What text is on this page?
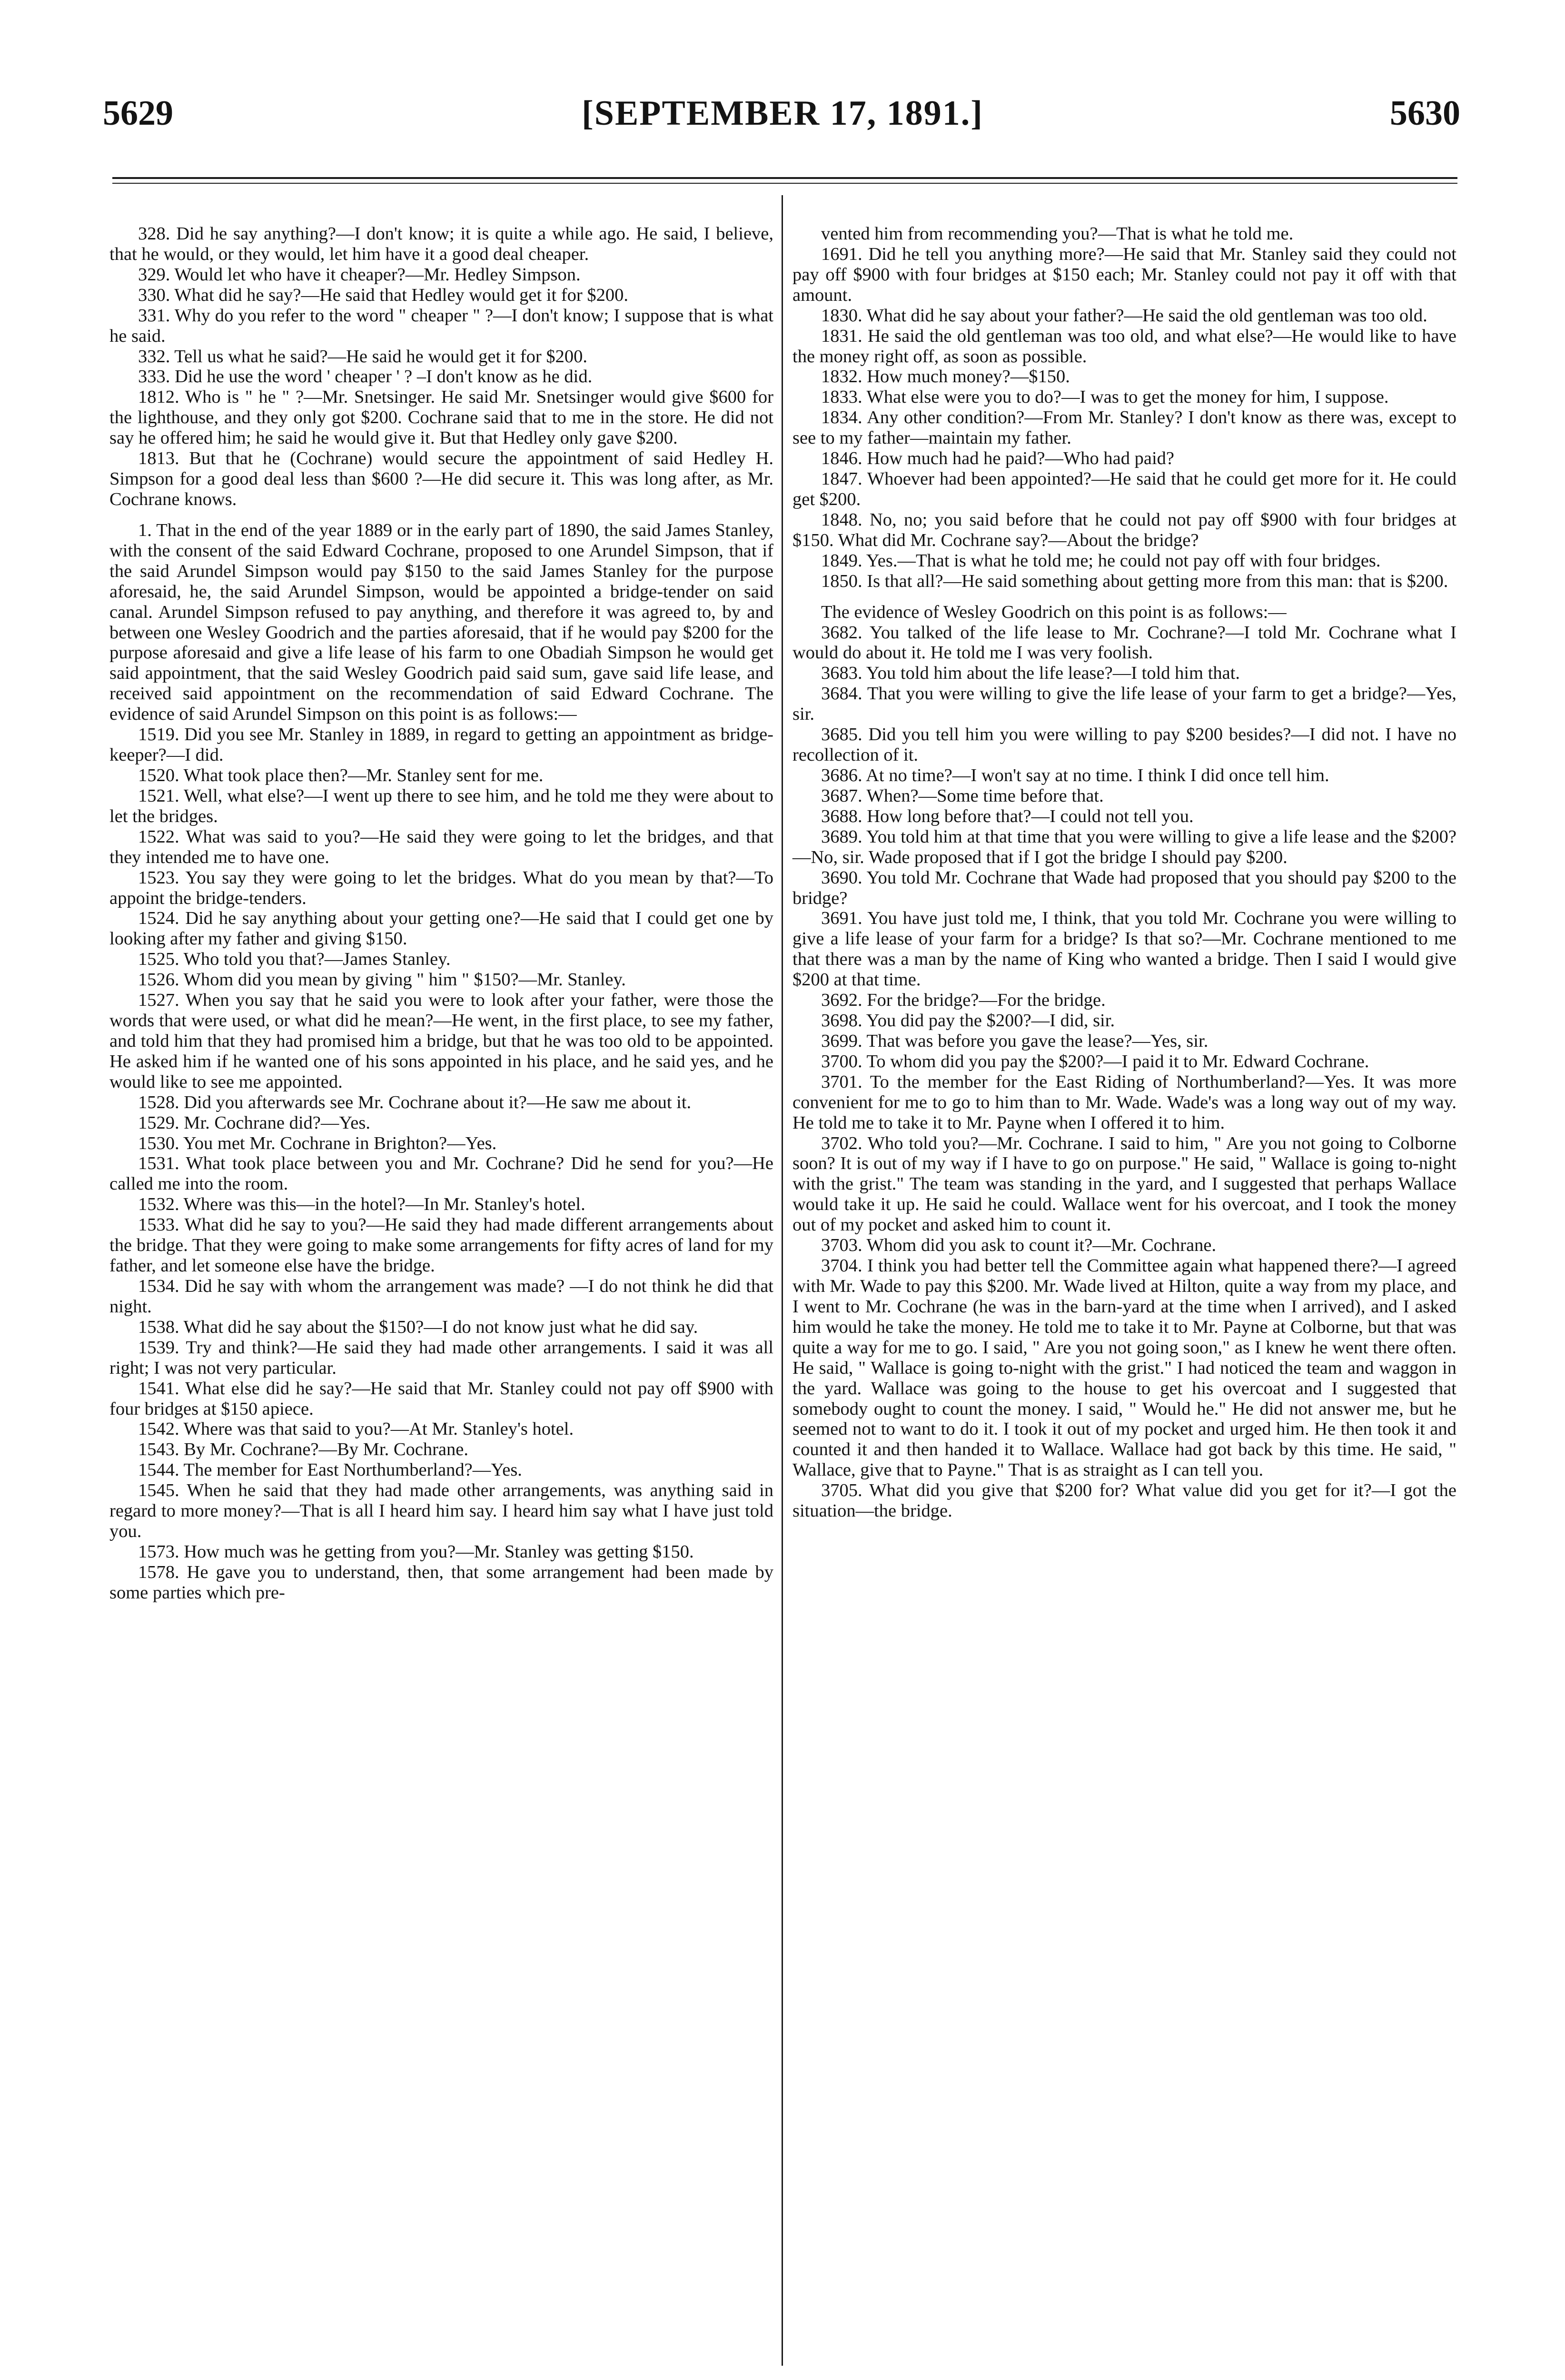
5629	[SEPTEMBER 17, 1891.]	5630

328. Did he say anything?—I don't know; it is quite a while ago. He said, I believe, that he would, or they would, let him have it a good deal cheaper.

329. Would let who have it cheaper?—Mr. Hedley Simpson.

330. What did he say?—He said that Hedley would get it for $200.

331. Why do you refer to the word " cheaper " ?—I don't know; I suppose that is what he said.

332. Tell us what he said?—He said he would get it for $200.

333. Did he use the word ' cheaper ' ? –I don't know as he did.

1812. Who is " he " ?—Mr. Snetsinger. He said Mr. Snetsinger would give $600 for the lighthouse, and they only got $200. Cochrane said that to me in the store. He did not say he offered him; he said he would give it. But that Hedley only gave $200.

1813. But that he (Cochrane) would secure the appointment of said Hedley H. Simpson for a good deal less than $600 ?—He did secure it. This was long after, as Mr. Cochrane knows.

1. That in the end of the year 1889 or in the early part of 1890, the said James Stanley, with the consent of the said Edward Cochrane, proposed to one Arundel Simpson, that if the said Arundel Simpson would pay $150 to the said James Stanley for the purpose aforesaid, he, the said Arundel Simpson, would be appointed a bridge-tender on said canal. Arundel Simpson refused to pay anything, and therefore it was agreed to, by and between one Wesley Goodrich and the parties aforesaid, that if he would pay $200 for the purpose aforesaid and give a life lease of his farm to one Obadiah Simpson he would get said appointment, that the said Wesley Goodrich paid said sum, gave said life lease, and received said appointment on the recommendation of said Edward Cochrane. The evidence of said Arundel Simpson on this point is as follows:—

1519. Did you see Mr. Stanley in 1889, in regard to getting an appointment as bridge-keeper?—I did.

1520. What took place then?—Mr. Stanley sent for me.

1521. Well, what else?—I went up there to see him, and he told me they were about to let the bridges.

1522. What was said to you?—He said they were going to let the bridges, and that they intended me to have one.

1523. You say they were going to let the bridges. What do you mean by that?—To appoint the bridge-tenders.

1524. Did he say anything about your getting one?—He said that I could get one by looking after my father and giving $150.

1525. Who told you that?—James Stanley.

1526. Whom did you mean by giving " him " $150?—Mr. Stanley.

1527. When you say that he said you were to look after your father, were those the words that were used, or what did he mean?—He went, in the first place, to see my father, and told him that they had promised him a bridge, but that he was too old to be appointed. He asked him if he wanted one of his sons appointed in his place, and he said yes, and he would like to see me appointed.

1528. Did you afterwards see Mr. Cochrane about it?—He saw me about it.

1529. Mr. Cochrane did?—Yes.

1530. You met Mr. Cochrane in Brighton?—Yes.

1531. What took place between you and Mr. Cochrane? Did he send for you?—He called me into the room.

1532. Where was this—in the hotel?—In Mr. Stanley's hotel.

1533. What did he say to you?—He said they had made different arrangements about the bridge. That they were going to make some arrangements for fifty acres of land for my father, and let someone else have the bridge.

1534. Did he say with whom the arrangement was made? —I do not think he did that night.

1538. What did he say about the $150?—I do not know just what he did say.

1539. Try and think?—He said they had made other arrangements. I said it was all right; I was not very particular.

1541. What else did he say?—He said that Mr. Stanley could not pay off $900 with four bridges at $150 apiece.

1542. Where was that said to you?—At Mr. Stanley's hotel.

1543. By Mr. Cochrane?—By Mr. Cochrane.

1544. The member for East Northumberland?—Yes.

1545. When he said that they had made other arrangements, was anything said in regard to more money?—That is all I heard him say. I heard him say what I have just told you.

1573. How much was he getting from you?—Mr. Stanley was getting $150.

1578. He gave you to understand, then, that some arrangement had been made by some parties which pre-

vented him from recommending you?—That is what he told me.

1691. Did he tell you anything more?—He said that Mr. Stanley said they could not pay off $900 with four bridges at $150 each; Mr. Stanley could not pay it off with that amount.

1830. What did he say about your father?—He said the old gentleman was too old.

1831. He said the old gentleman was too old, and what else?—He would like to have the money right off, as soon as possible.

1832. How much money?—$150.

1833. What else were you to do?—I was to get the money for him, I suppose.

1834. Any other condition?—From Mr. Stanley? I don't know as there was, except to see to my father—maintain my father.

1846. How much had he paid?—Who had paid?

1847. Whoever had been appointed?—He said that he could get more for it. He could get $200.

1848. No, no; you said before that he could not pay off $900 with four bridges at $150. What did Mr. Cochrane say?—About the bridge?

1849. Yes.—That is what he told me; he could not pay off with four bridges.

1850. Is that all?—He said something about getting more from this man: that is $200.

The evidence of Wesley Goodrich on this point is as follows:—

3682. You talked of the life lease to Mr. Cochrane?—I told Mr. Cochrane what I would do about it. He told me I was very foolish.

3683. You told him about the life lease?—I told him that.

3684. That you were willing to give the life lease of your farm to get a bridge?—Yes, sir.

3685. Did you tell him you were willing to pay $200 besides?—I did not. I have no recollection of it.

3686. At no time?—I won't say at no time. I think I did once tell him.

3687. When?—Some time before that.

3688. How long before that?—I could not tell you.

3689. You told him at that time that you were willing to give a life lease and the $200?—No, sir. Wade proposed that if I got the bridge I should pay $200.

3690. You told Mr. Cochrane that Wade had proposed that you should pay $200 to the bridge?

3691. You have just told me, I think, that you told Mr. Cochrane you were willing to give a life lease of your farm for a bridge? Is that so?—Mr. Cochrane mentioned to me that there was a man by the name of King who wanted a bridge. Then I said I would give $200 at that time.

3692. For the bridge?—For the bridge.

3698. You did pay the $200?—I did, sir.

3699. That was before you gave the lease?—Yes, sir.

3700. To whom did you pay the $200?—I paid it to Mr. Edward Cochrane.

3701. To the member for the East Riding of Northumberland?—Yes. It was more convenient for me to go to him than to Mr. Wade. Wade's was a long way out of my way. He told me to take it to Mr. Payne when I offered it to him.

3702. Who told you?—Mr. Cochrane. I said to him, " Are you not going to Colborne soon? It is out of my way if I have to go on purpose." He said, " Wallace is going to-night with the grist." The team was standing in the yard, and I suggested that perhaps Wallace would take it up. He said he could. Wallace went for his overcoat, and I took the money out of my pocket and asked him to count it.

3703. Whom did you ask to count it?—Mr. Cochrane.

3704. I think you had better tell the Committee again what happened there?—I agreed with Mr. Wade to pay this $200. Mr. Wade lived at Hilton, quite a way from my place, and I went to Mr. Cochrane (he was in the barn-yard at the time when I arrived), and I asked him would he take the money. He told me to take it to Mr. Payne at Colborne, but that was quite a way for me to go. I said, " Are you not going soon," as I knew he went there often. He said, " Wallace is going to-night with the grist." I had noticed the team and waggon in the yard. Wallace was going to the house to get his overcoat and I suggested that somebody ought to count the money. I said, " Would he." He did not answer me, but he seemed not to want to do it. I took it out of my pocket and urged him. He then took it and counted it and then handed it to Wallace. Wallace had got back by this time. He said, " Wallace, give that to Payne." That is as straight as I can tell you.

3705. What did you give that $200 for? What value did you get for it?—I got the situation—the bridge.
